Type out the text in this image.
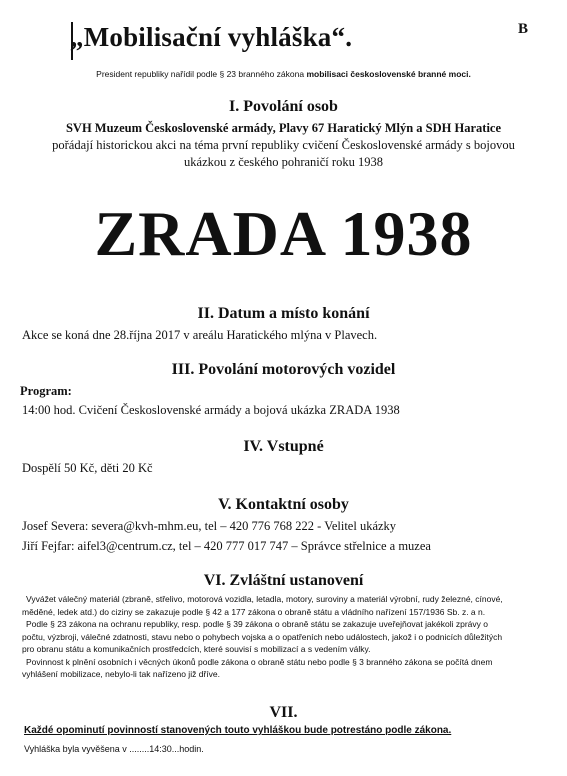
„Mobilisační vyhláška“.	B
President republiky nařídil podle § 23 branného zákona mobilisaci československé branné moci.
I. Povolání osob
SVH Muzeum Československé armády, Plavy 67 Haratický Mlýn a SDH Haratice
pořádají historickou akci na téma první republiky cvičení Československé armády s bojovou
ukázkou z českého pohraničí roku 1938
ZRADA 1938
II. Datum a místo konání
Akce se koná dne 28.října 2017 v areálu Haratického mlýna v Plavech.
III. Povolání motorových vozidel
Program:
14:00 hod. Cvičení Československé armády a bojová ukázka ZRADA 1938
IV. Vstupné
Dospělí 50 Kč, děti 20 Kč
V. Kontaktní osoby
Josef Severa: severa@kvh-mhm.eu, tel – 420 776 768 222 - Velitel ukázky
Jiří Fejfar: aifel3@centrum.cz, tel – 420 777 017 747 – Správce střelnice a muzea
VI. Zvláštní ustanovení
Vyvážet válečný materiál (zbraně, střelivo, motorová vozidla, letadla, motory, suroviny a materiál výrobní, rudy železné, cínové,
měděné, ledek atd.) do ciziny se zakazuje podle § 42 a 177 zákona o obraně státu a vládního nařízení 157/1936 Sb. z. a n.
Podle § 23 zákona na ochranu republiky, resp. podle § 39 zákona o obraně státu se zakazuje uveřejňovat jakékoli zprávy o
počtu, výzbroji, válečné zdatnosti, stavu nebo o pohybech vojska a o opatřeních nebo událostech, jakož i o podnicích důležitých
pro obranu státu a komunikačních prostředcích, které souvisí s mobilizací a s vedením války.
Povinnost k plnění osobních i věcných úkonů podle zákona o obraně státu nebo podle § 3 branného zákona se počítá dnem
vyhlášení mobilizace, nebylo-li tak nařízeno již dříve.
VII.
Každé opominutí povinností stanovených touto vyhláškou bude potrestáno podle zákona.
Vyhláška byla vyvěšena v ........14:30...hodin.
